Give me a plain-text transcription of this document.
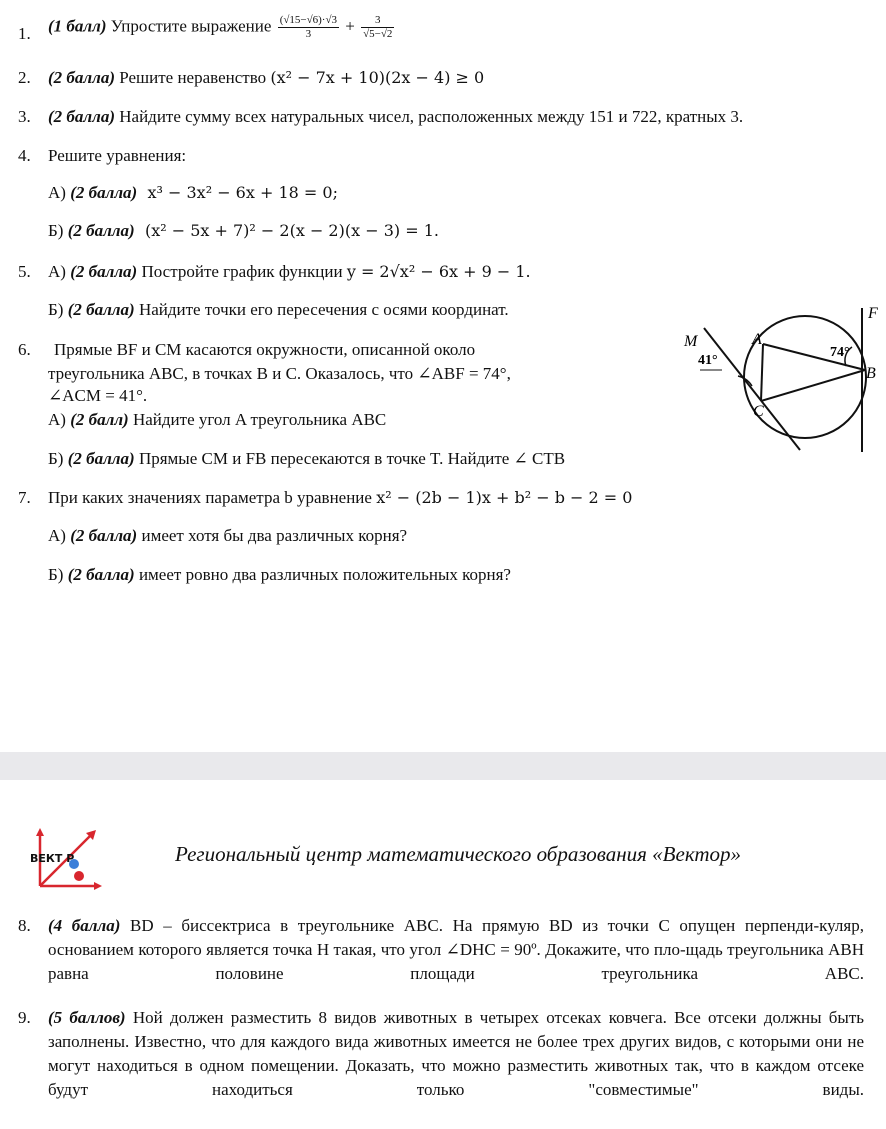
1. (1 балл) Упростите выражение $\frac{(√15-√6)\cdot√3}{3} + \frac{3}{√5-√2}$
2. (2 балла) Решите неравенство (x² − 7x + 10)(2x − 4) ≥ 0
3. (2 балла) Найдите сумму всех натуральных чисел, расположенных между 151 и 722, кратных 3.
4. Решите уравнения:
А) (2 балла) x³ − 3x² − 6x + 18 = 0;
Б) (2 балла) (x² − 5x + 7)² − 2(x − 2)(x − 3) = 1.
5. А) (2 балла) Постройте график функции y = 2√x² − 6x + 9 − 1.
Б) (2 балла) Найдите точки его пересечения с осями координат.
6. Прямые BF и CM касаются окружности, описанной около
треугольника ABC, в точках B и C. Оказалось, что ∠ABF = 74°,
∠ACM = 41°.
А) (2 балл) Найдите угол A треугольника ABC
Б) (2 балла) Прямые CM и FB пересекаются в точке T. Найдите ∠ CTB
M	A
F
B
C
41°
74°
7. При каких значениях параметра b уравнение x² − (2b − 1)x + b² − b − 2 = 0
А) (2 балла) имеет хотя бы два различных корня?
Б) (2 балла) имеет ровно два различных положительных корня?
ВЕКТ Р	Региональный центр математического образования «Вектор»
8. (4 балла) BD – биссектриса в треугольнике ABC. На прямую BD из точки С опущен перпенди-куляр, основанием которого является точка H такая, что угол ∠DHC = 90º. Докажите, что пло-щадь треугольника ABH равна половине площади треугольника ABC.
9. (5 баллов) Ной должен разместить 8 видов животных в четырех отсеках ковчега. Все отсеки должны быть заполнены. Известно, что для каждого вида животных имеется не более трех других видов, с которыми они не могут находиться в одном помещении. Доказать, что можно разместить животных так, что в каждом отсеке будут находиться только "совместимые" виды.
